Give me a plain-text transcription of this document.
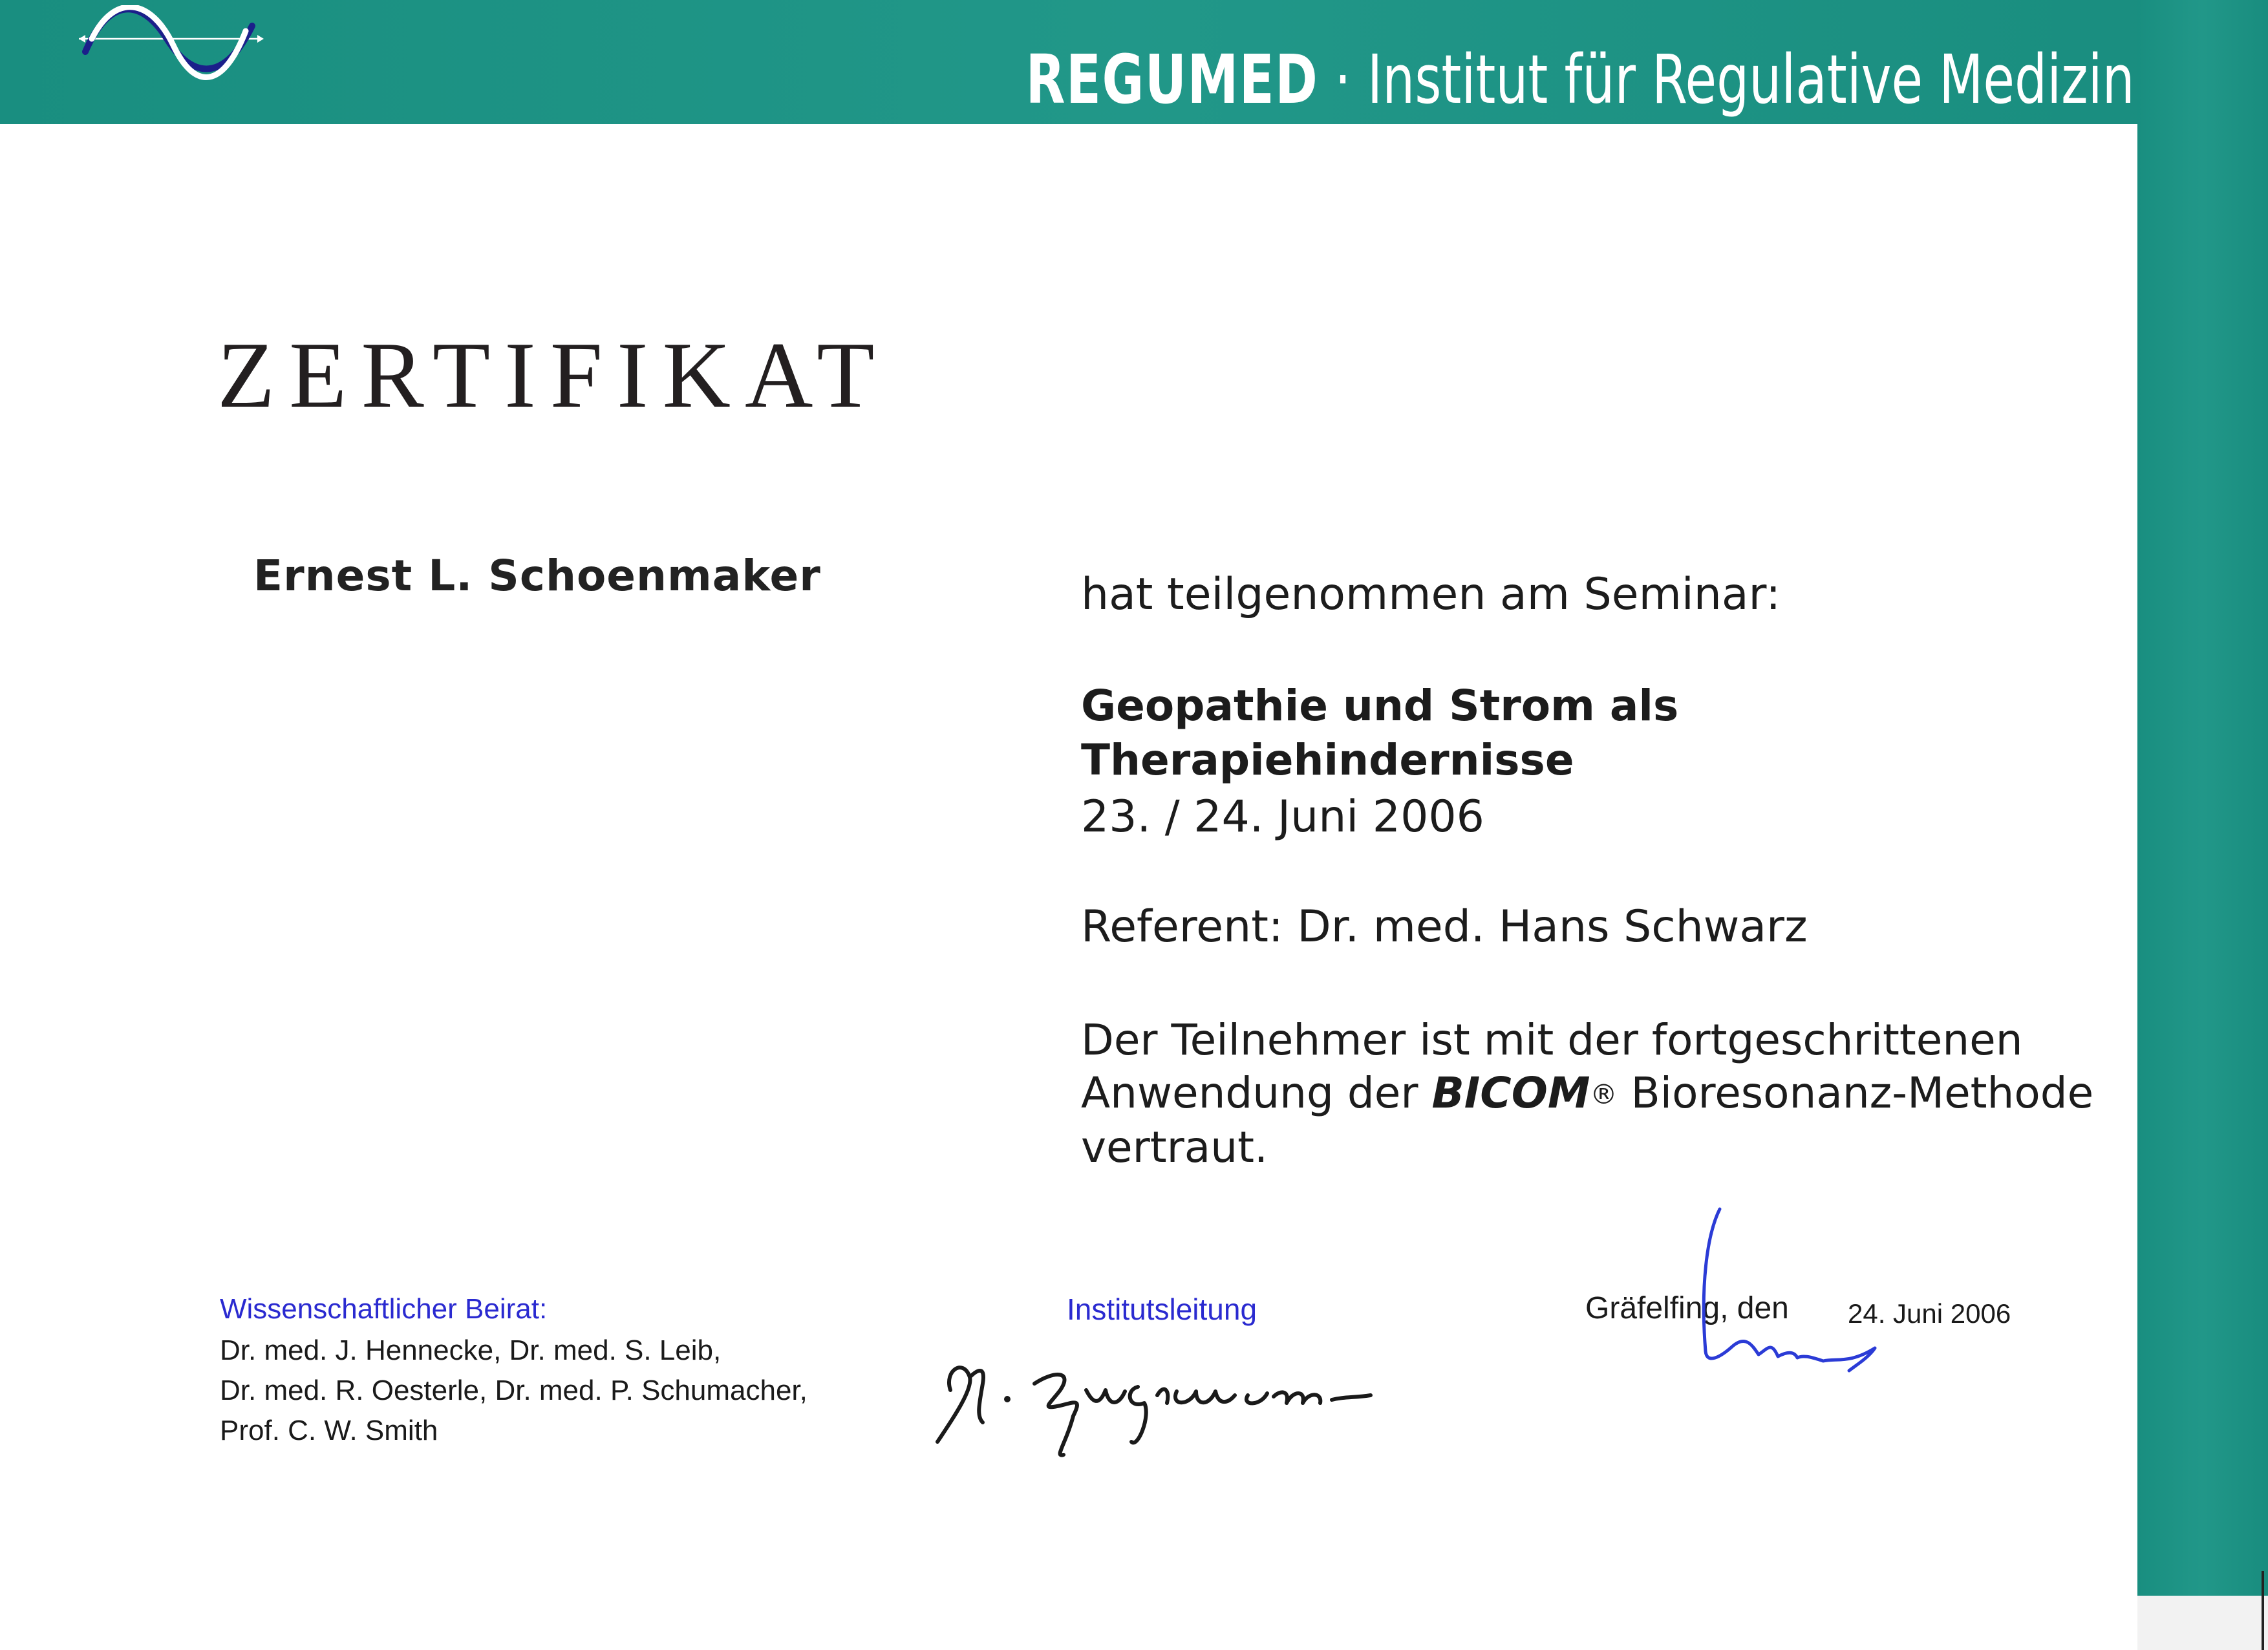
REGUMED · Institut für Regulative Medizin
ZERTIFIKAT
Ernest L. Schoenmaker	hat teilgenommen am Seminar:
Geopathie und Strom als
Therapiehindernisse
23. / 24. Juni 2006
Referent: Dr. med. Hans Schwarz
Der Teilnehmer ist mit der fortgeschrittenen
Anwendung der BICOM® Bioresonanz-Methode
vertraut.
Wissenschaftlicher Beirat:
Dr. med. J. Hennecke, Dr. med. S. Leib,
Dr. med. R. Oesterle, Dr. med. P. Schumacher,
Prof. C. W. Smith
Institutsleitung	Gräfelfing, den 24. Juni 2006
